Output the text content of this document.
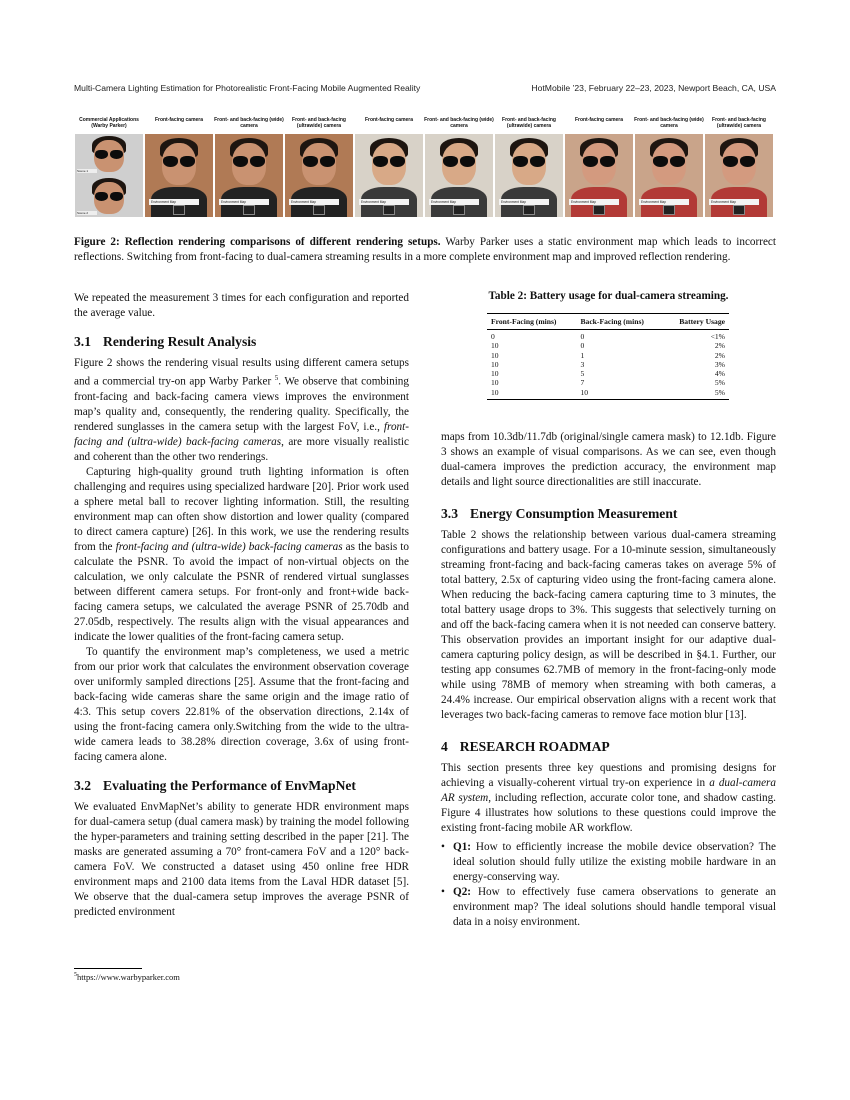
Multi-Camera Lighting Estimation for Photorealistic Front-Facing Mobile Augmented Reality	HotMobile ’23, February 22–23, 2023, Newport Beach, CA, USA
Commercial Applications (Warby Parker)
Front-facing camera	Front- and back-facing (wide) camera
Front- and back-facing (ultrawide) camera
Front-facing camera	Front- and back-facing (wide) camera
Front- and back-facing (ultrawide) camera
Front-facing camera	Front- and back-facing (wide) camera
Front- and back-facing (ultrawide) camera
Scene 1
Scene 2
Environment Map	Environment Map	Environment Map	Environment Map	Environment Map	Environment Map	Environment Map	Environment Map	Environment Map
Figure 2: Reflection rendering comparisons of different rendering setups. Warby Parker uses a static environment map which leads to incorrect reflections. Switching from front-facing to dual-camera streaming results in a more complete environment map and improved reflection rendering.

We repeated the measurement 3 times for each configuration and reported the average value.

3.1 Rendering Result Analysis

Figure 2 shows the rendering visual results using different camera setups and a commercial try-on app Warby Parker $^5$. We observe that combining front-facing and back-facing camera views improves the environment map’s quality and, consequently, the rendering quality. Specifically, the rendered sunglasses in the camera setup with the largest FoV, i.e., front-facing and (ultra-wide) back-facing cameras, are more visually realistic and coherent than the other two renderings.

Capturing high-quality ground truth lighting information is often challenging and requires using specialized hardware [20]. Prior work used a sphere metal ball to recover lighting information. Still, the resulting environment map can often show distortion and lower quality (compared to direct camera capture) [26]. In this work, we use the rendering results from the front-facing and (ultra-wide) back-facing cameras as the basis to calculate the PSNR. To avoid the impact of non-virtual objects on the calculation, we only calculate the PSNR of rendered virtual sunglasses between different camera setups. For front-only and front+wide back-facing camera setups, we calculated the average PSNR of 25.70db and 27.05db, respectively. The results align with the visual appearances and indicate the lower qualities of the front-facing camera setup.

To quantify the environment map’s completeness, we used a metric from our prior work that calculates the environment observation coverage over uniformly sampled directions [25]. Assume that the front-facing and back-facing wide cameras share the same origin and the image ratio of 4:3. This setup covers 22.81% of the observation directions, 2.14x of using the front-facing camera only.Switching from the wide to the ultra-wide camera leads to 38.28% direction coverage, 3.6x of using front-facing camera alone.

3.2 Evaluating the Performance of EnvMapNet

We evaluated EnvMapNet’s ability to generate HDR environment maps for dual-camera setup (dual camera mask) by training the model following the hyper-parameters and training setting described in the paper [21]. The masks are generated assuming a 70° front-camera FoV and a 120° back-camera FoV. We constructed a dataset using 450 online free HDR environment maps and 2100 data items from the Laval HDR dataset [5]. We observe that the dual-camera setup improves the average PSNR of predicted environment

$^5$https://www.warbyparker.com
Table 2: Battery usage for dual-camera streaming.
Front-Facing (mins)	Back-Facing (mins)	Battery Usage
0	0	<1%
10	0	2%
10	1	2%
10	3	3%
10	5	4%
10	7	5%
10	10	5%

maps from 10.3db/11.7db (original/single camera mask) to 12.1db. Figure 3 shows an example of visual comparisons. As we can see, even though dual-camera improves the prediction accuracy, the environment map details and light source directionalities are still inaccurate.

3.3 Energy Consumption Measurement

Table 2 shows the relationship between various dual-camera streaming configurations and battery usage. For a 10-minute session, simultaneously streaming front-facing and back-facing cameras takes on average 5% of total battery, 2.5x of capturing video using the front-facing camera alone. When reducing the back-facing camera capturing time to 3 minutes, the total battery usage drops to 3%. This suggests that selectively turning on and off the back-facing camera when it is not needed can conserve battery. This observation provides an important insight for our adaptive dual-camera capturing policy design, as will be described in §4.1. Further, our testing app consumes 62.7MB of memory in the front-facing-only mode while using 78MB of memory when streaming with both cameras, a 24.4% increase. Our empirical observation aligns with a recent work that leverages two back-facing cameras to remove face motion blur [13].

4 RESEARCH ROADMAP

This section presents three key questions and promising designs for achieving a visually-coherent virtual try-on experience in a dual-camera AR system, including reflection, accurate color tone, and shadow casting. Figure 4 illustrates how solutions to these questions could improve the existing front-facing mobile AR workflow.

• Q1: How to efficiently increase the mobile device observation? The ideal solution should fully utilize the existing mobile hardware in an energy-conserving way.
• Q2: How to effectively fuse camera observations to generate an environment map? The ideal solutions should handle temporal visual data in a noisy environment.
